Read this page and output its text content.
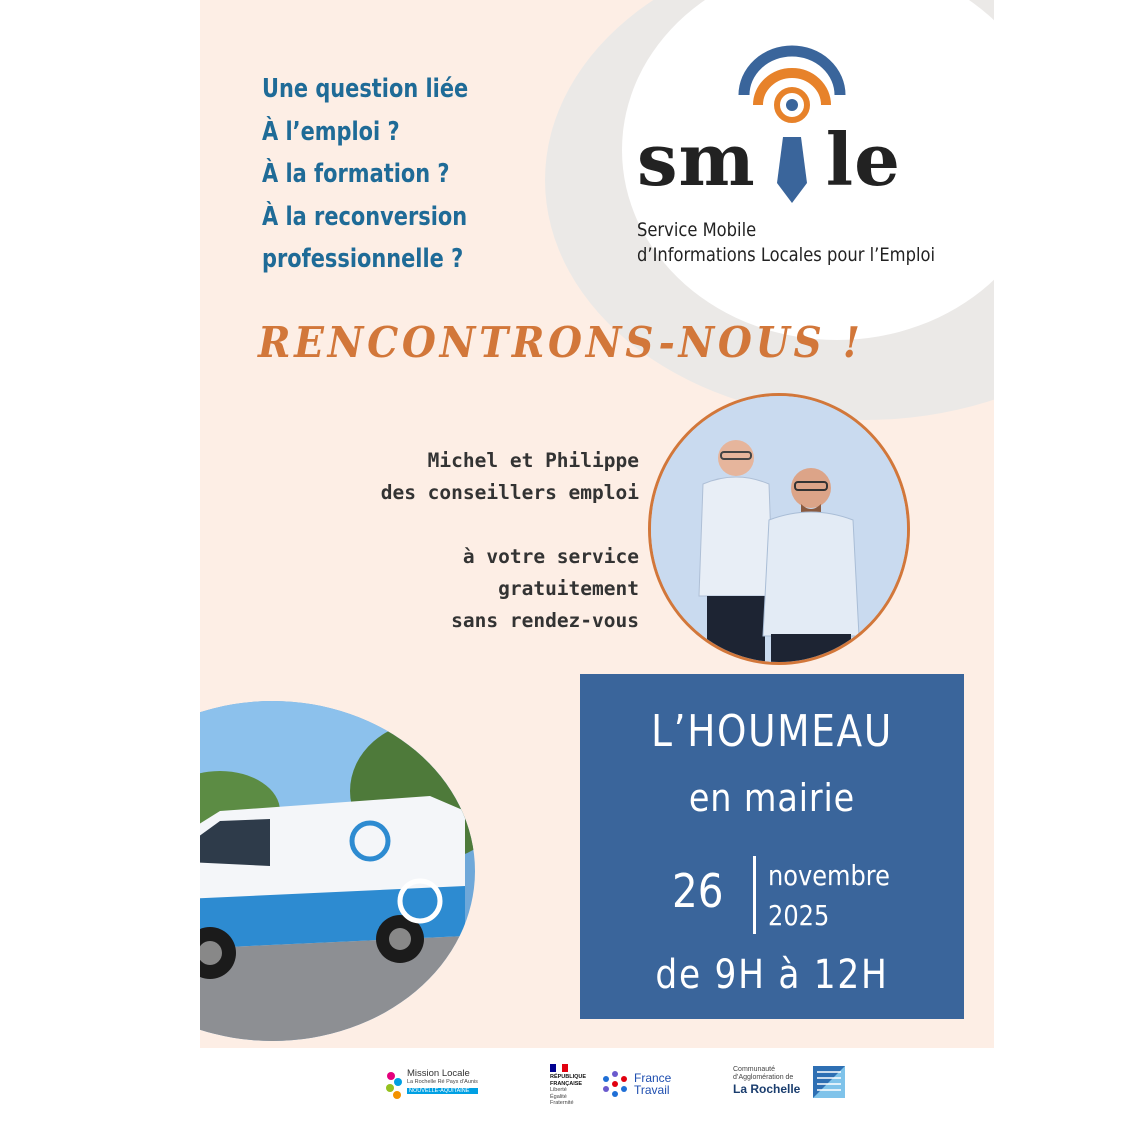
Une question liée
À l’emploi ?
À la formation ?
À la reconversion
professionnelle ?
sm le
Service Mobile
d’Informations Locales pour l’Emploi
RENCONTRONS-NOUS !
Michel et Philippe
des conseillers emploi
à votre service
gratuitement
sans rendez-vous
L’HOUMEAU
en mairie
26 novembre
2025
de 9H à 12H
Mission Locale
La Rochelle Ré Pays d’Aunis
NOUVELLE-AQUITAINE
RÉPUBLIQUE
FRANÇAISE
Liberté
Égalité
Fraternité
France
Travail
Communauté
d’Agglomération de
La Rochelle
